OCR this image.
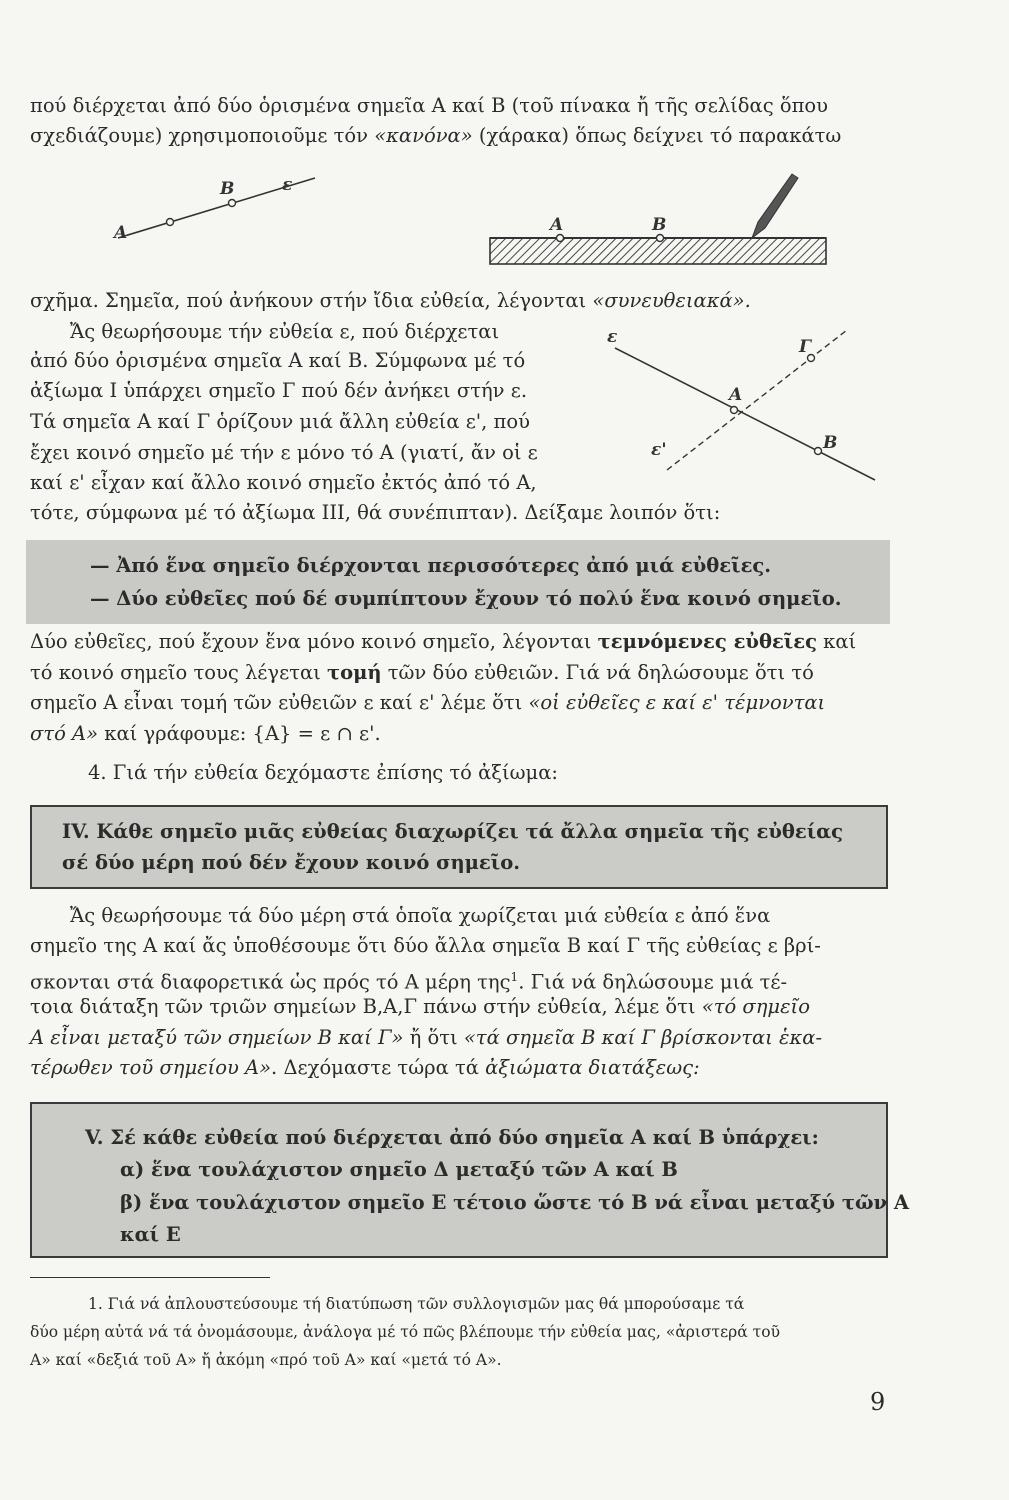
πού διέρχεται ἀπό δύο ὁρισμένα σημεῖα Α καί Β (τοῦ πίνακα ἤ τῆς σελίδας ὅπου
σχεδιάζουμε) χρησιμοποιοῦμε τόν «κανόνα» (χάρακα) ὅπως δείχνει τό παρακάτω
A
B	ε
A	B
σχῆμα. Σημεῖα, πού ἀνήκουν στήν ἴδια εὐθεία, λέγονται «συνευθειακά».
Ἄς θεωρήσουμε τήν εὐθεία ε, πού διέρχεται
ἀπό δύο ὁρισμένα σημεῖα Α καί Β. Σύμφωνα μέ τό
ἀξίωμα Ι ὑπάρχει σημεῖο Γ πού δέν ἀνήκει στήν ε.
Τά σημεῖα Α καί Γ ὁρίζουν μιά ἄλλη εὐθεία ε', πού
ἔχει κοινό σημεῖο μέ τήν ε μόνο τό Α (γιατί, ἄν οἱ ε
καί ε' εἶχαν καί ἄλλο κοινό σημεῖο ἐκτός ἀπό τό Α,
τότε, σύμφωνα μέ τό ἀξίωμα ΙΙΙ, θά συνέπιπταν). Δείξαμε λοιπόν ὅτι:
ε	Γ
A
B
ε'
— Ἀπό ἕνα σημεῖο διέρχονται περισσότερες ἀπό μιά εὐθεῖες.
— Δύο εὐθεῖες πού δέ συμπίπτουν ἔχουν τό πολύ ἕνα κοινό σημεῖο.
Δύο εὐθεῖες, πού ἔχουν ἕνα μόνο κοινό σημεῖο, λέγονται τεμνόμενες εὐθεῖες καί
τό κοινό σημεῖο τους λέγεται τομή τῶν δύο εὐθειῶν. Γιά νά δηλώσουμε ὅτι τό
σημεῖο Α εἶναι τομή τῶν εὐθειῶν ε καί ε' λέμε ὅτι «οἱ εὐθεῖες ε καί ε' τέμνονται
στό Α» καί γράφουμε: {Α} = ε ∩ ε'.
4. Γιά τήν εὐθεία δεχόμαστε ἐπίσης τό ἀξίωμα:
IV. Κάθε σημεῖο μιᾶς εὐθείας διαχωρίζει τά ἄλλα σημεῖα τῆς εὐθείας
σέ δύο μέρη πού δέν ἔχουν κοινό σημεῖο.
Ἄς θεωρήσουμε τά δύο μέρη στά ὁποῖα χωρίζεται μιά εὐθεία ε ἀπό ἕνα
σημεῖο της Α καί ἄς ὑποθέσουμε ὅτι δύο ἄλλα σημεῖα Β καί Γ τῆς εὐθείας ε βρί-
σκονται στά διαφορετικά ὡς πρός τό Α μέρη της$^1$. Γιά νά δηλώσουμε μιά τέ-
τοια διάταξη τῶν τριῶν σημείων Β,Α,Γ πάνω στήν εὐθεία, λέμε ὅτι «τό σημεῖο
Α εἶναι μεταξύ τῶν σημείων Β καί Γ» ἤ ὅτι «τά σημεῖα Β καί Γ βρίσκονται ἑκα-
τέρωθεν τοῦ σημείου Α». Δεχόμαστε τώρα τά ἀξιώματα διατάξεως:
V. Σέ κάθε εὐθεία πού διέρχεται ἀπό δύο σημεῖα Α καί Β ὑπάρχει:
α) ἕνα τουλάχιστον σημεῖο Δ μεταξύ τῶν Α καί Β
β) ἕνα τουλάχιστον σημεῖο Ε τέτοιο ὥστε τό Β νά εἶναι μεταξύ τῶν Α
καί Ε
1. Γιά νά ἀπλουστεύσουμε τή διατύπωση τῶν συλλογισμῶν μας θά μπορούσαμε τά
δύο μέρη αὐτά νά τά ὀνομάσουμε, ἀνάλογα μέ τό πῶς βλέπουμε τήν εὐθεία μας, «ἀριστερά τοῦ
Α» καί «δεξιά τοῦ Α» ἤ ἀκόμη «πρό τοῦ Α» καί «μετά τό Α».
9
